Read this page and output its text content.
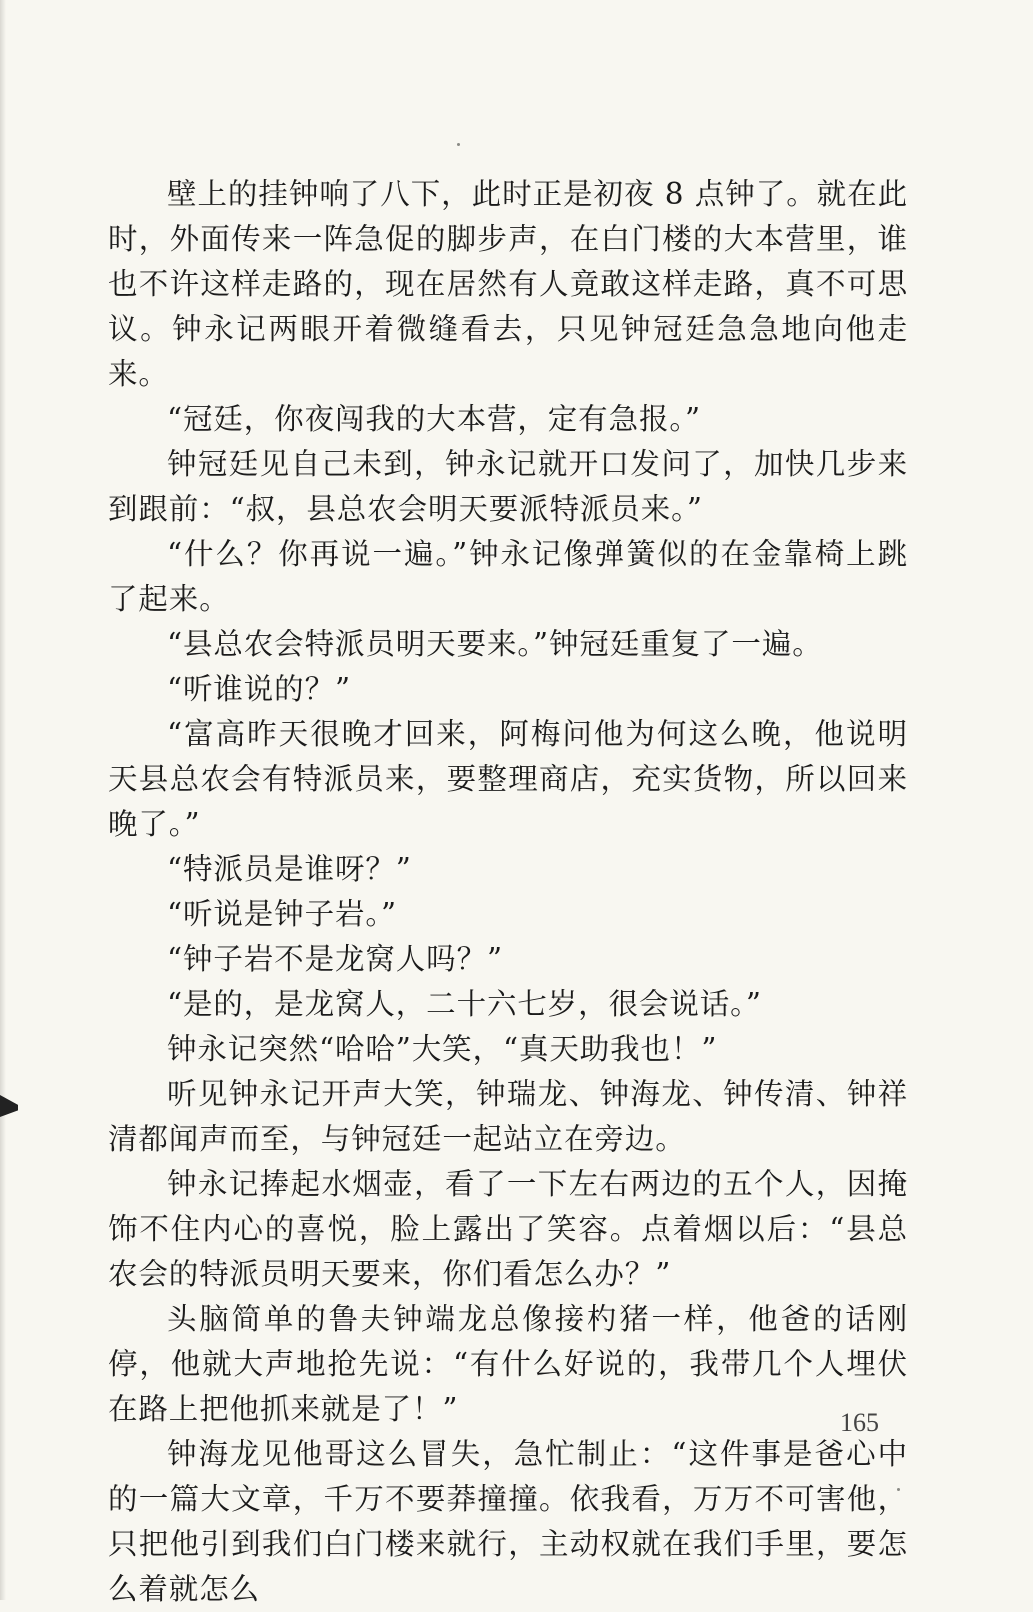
壁上的挂钟响了八下，此时正是初夜 8 点钟了。就在此时，外面传来一阵急促的脚步声，在白门楼的大本营里，谁也不许这样走路的，现在居然有人竟敢这样走路，真不可思议。钟永记两眼开着微缝看去，只见钟冠廷急急地向他走来。

“冠廷，你夜闯我的大本营，定有急报。”

钟冠廷见自己未到，钟永记就开口发问了，加快几步来到跟前：“叔，县总农会明天要派特派员来。”

“什么？你再说一遍。”钟永记像弹簧似的在金靠椅上跳了起来。

“县总农会特派员明天要来。”钟冠廷重复了一遍。

“听谁说的？”

“富高昨天很晚才回来，阿梅问他为何这么晚，他说明天县总农会有特派员来，要整理商店，充实货物，所以回来晚了。”

“特派员是谁呀？”

“听说是钟子岩。”

“钟子岩不是龙窝人吗？”

“是的，是龙窝人，二十六七岁，很会说话。”

钟永记突然“哈哈”大笑，“真天助我也！”

听见钟永记开声大笑，钟瑞龙、钟海龙、钟传清、钟祥清都闻声而至，与钟冠廷一起站立在旁边。

钟永记捧起水烟壶，看了一下左右两边的五个人，因掩饰不住内心的喜悦，脸上露出了笑容。点着烟以后：“县总农会的特派员明天要来，你们看怎么办？”

头脑简单的鲁夫钟端龙总像接杓猪一样，他爸的话刚停，他就大声地抢先说：“有什么好说的，我带几个人埋伏在路上把他抓来就是了！”

钟海龙见他哥这么冒失，急忙制止：“这件事是爸心中的一篇大文章，千万不要莽撞撞。依我看，万万不可害他，只把他引到我们白门楼来就行，主动权就在我们手里，要怎么着就怎么

165
